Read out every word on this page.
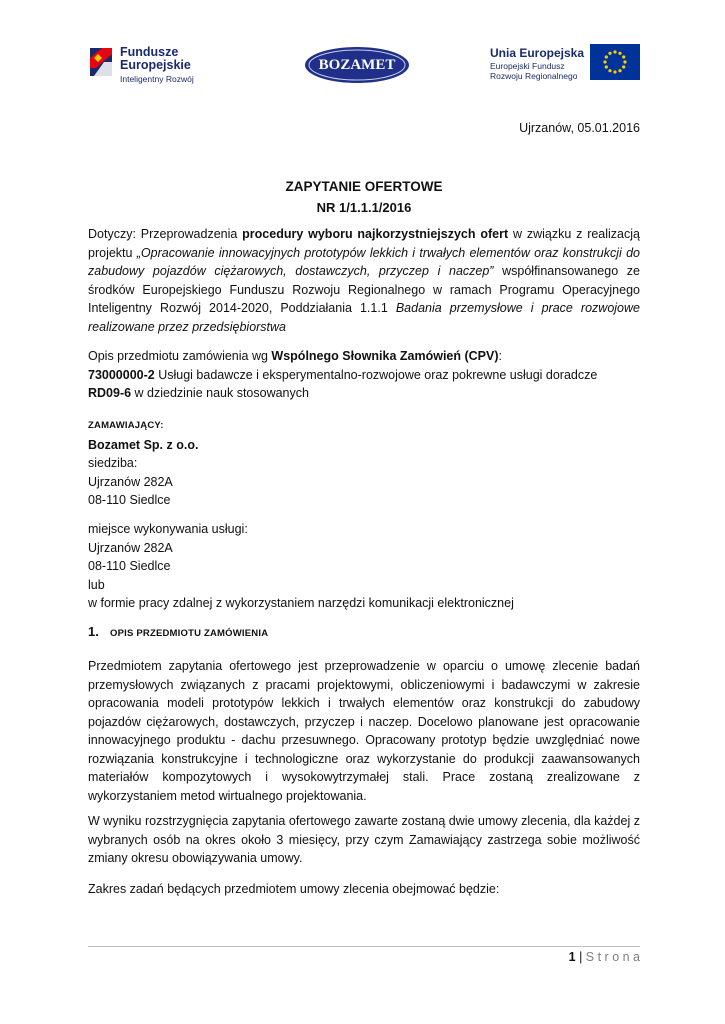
Fundusze
Europejskie
Inteligentny Rozwój
BOZAMET
Unia Europejska
Europejski Fundusz
Rozwoju Regionalnego
Ujrzanów, 05.01.2016
ZAPYTANIE OFERTOWE
NR 1/1.1.1/2016
Dotyczy: Przeprowadzenia procedury wyboru najkorzystniejszych ofert w związku z realizacją projektu „Opracowanie innowacyjnych prototypów lekkich i trwałych elementów oraz konstrukcji do zabudowy pojazdów ciężarowych, dostawczych, przyczep i naczep” współfinansowanego ze środków Europejskiego Funduszu Rozwoju Regionalnego w ramach Programu Operacyjnego Inteligentny Rozwój 2014-2020, Poddziałania 1.1.1 Badania przemysłowe i prace rozwojowe realizowane przez przedsiębiorstwa
Opis przedmiotu zamówienia wg Wspólnego Słownika Zamówień (CPV):
73000000-2 Usługi badawcze i eksperymentalno-rozwojowe oraz pokrewne usługi doradcze
RD09-6 w dziedzinie nauk stosowanych
ZAMAWIAJĄCY:
Bozamet Sp. z o.o.
siedziba:
Ujrzanów 282A
08-110 Siedlce
miejsce wykonywania usługi:
Ujrzanów 282A
08-110 Siedlce
lub
w formie pracy zdalnej z wykorzystaniem narzędzi komunikacji elektronicznej
1. OPIS PRZEDMIOTU ZAMÓWIENIA
Przedmiotem zapytania ofertowego jest przeprowadzenie w oparciu o umowę zlecenie badań przemysłowych związanych z pracami projektowymi, obliczeniowymi i badawczymi w zakresie opracowania modeli prototypów lekkich i trwałych elementów oraz konstrukcji do zabudowy pojazdów ciężarowych, dostawczych, przyczep i naczep. Docelowo planowane jest opracowanie innowacyjnego produktu - dachu przesuwnego. Opracowany prototyp będzie uwzględniać nowe rozwiązania konstrukcyjne i technologiczne oraz wykorzystanie do produkcji zaawansowanych materiałów kompozytowych i wysokowytrzymałej stali. Prace zostaną zrealizowane z wykorzystaniem metod wirtualnego projektowania.
W wyniku rozstrzygnięcia zapytania ofertowego zawarte zostaną dwie umowy zlecenia, dla każdej z wybranych osób na okres około 3 miesięcy, przy czym Zamawiający zastrzega sobie możliwość zmiany okresu obowiązywania umowy.
Zakres zadań będących przedmiotem umowy zlecenia obejmować będzie:
1 | S t r o n a
